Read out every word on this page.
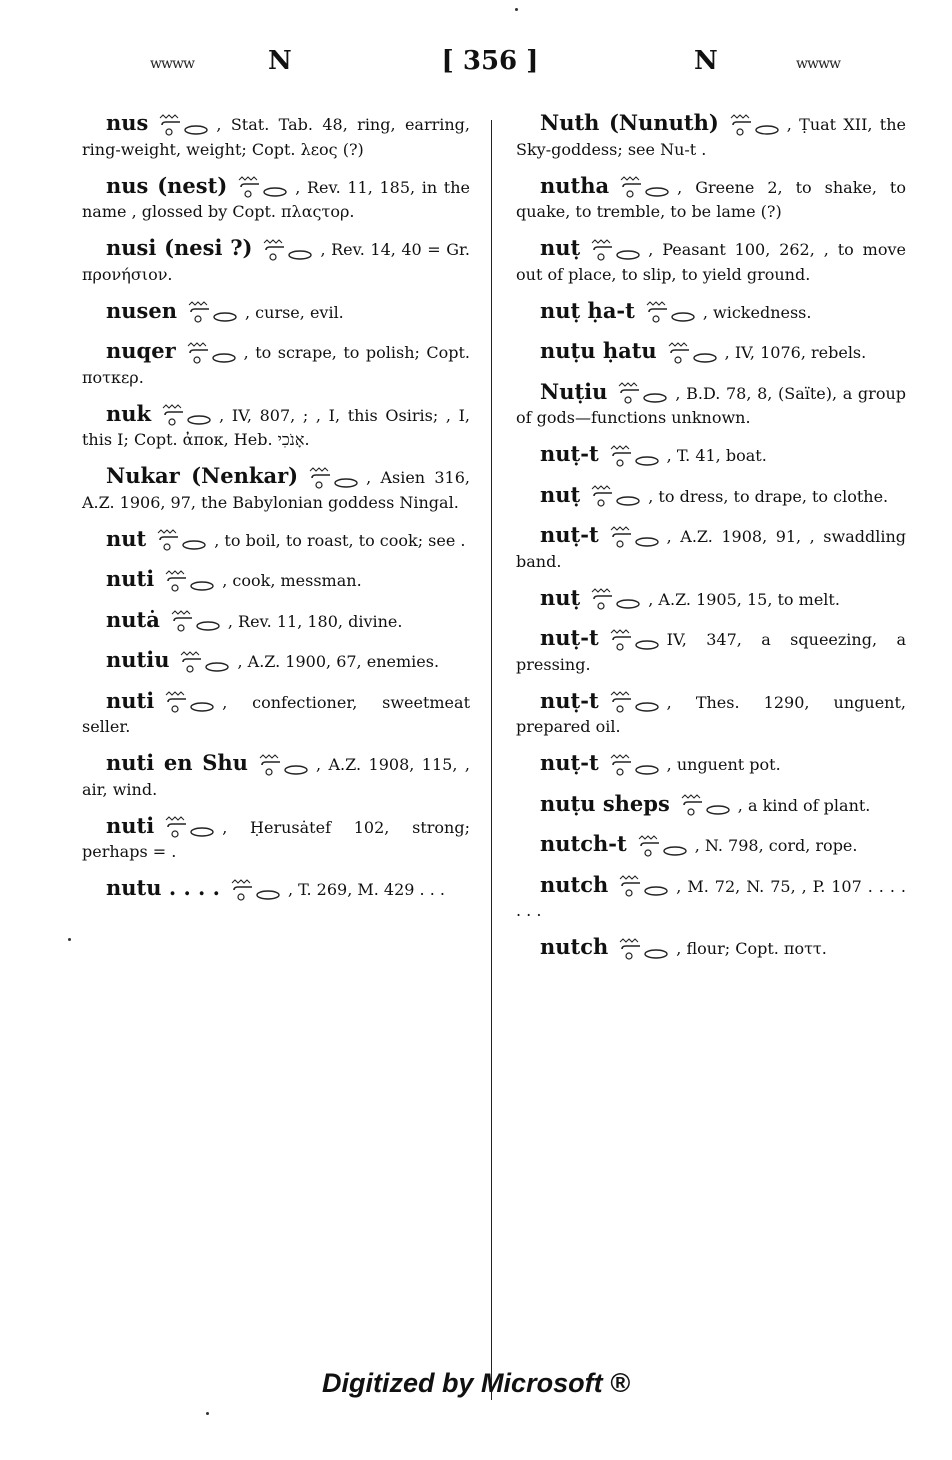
ᴡᴡᴡᴡ	N	[ 356 ]	N	ᴡᴡᴡᴡ
nus	, Stat. Tab. 48, ring, earring, ring-weight, weight; Copt. λεος (?)
nus (nest)	, Rev. 11, 185, in the name , glossed by Copt. πλαςτορ.
nusi (nesi ?)	, Rev. 14, 40 = Gr. πρoνήσιον.
nusen	, curse, evil.
nuqer	, to scrape, to polish; Copt. ποτκερ.
nuk	, IV, 807, ; , I, this Osiris; , I, this I; Copt. ἀποκ, Heb. אָנֹכִי.
Nukar (Nenkar)	, Asien 316, A.Z. 1906, 97, the Babylonian goddess Ningal.
nut	, to boil, to roast, to cook; see .
nuti	, cook, messman.
nutȧ	, Rev. 11, 180, divine.
nutiu	, A.Z. 1900, 67, enemies.
nuti	, confectioner, sweetmeat seller.
nuti en Shu	, A.Z. 1908, 115, , air, wind.
nuti	, Ḥerusȧtef 102, strong; perhaps = .
nutu . . . .	, T. 269, M. 429 . . .
Nuth (Nunuth)	, Ṭuat XII, the Sky-goddess; see Nu-t .
nutha	, Greene 2, to shake, to quake, to tremble, to be lame (?)
nuṭ	, Peasant 100, 262, , to move out of place, to slip, to yield ground.
nuṭ ḥa-t	, wickedness.
nuṭu ḥatu	, IV, 1076, rebels.
Nuṭiu	, B.D. 78, 8, (Saïte), a group of gods—functions unknown.
nuṭ-t	, T. 41, boat.
nuṭ	, to dress, to drape, to clothe.
nuṭ-t	, A.Z. 1908, 91, , swaddling band.
nuṭ	, A.Z. 1905, 15, to melt.
nuṭ-t	IV, 347, a squeezing, a pressing.
nuṭ-t	, Thes. 1290, unguent, prepared oil.
nuṭ-t	, unguent pot.
nuṭu sheps	, a kind of plant.
nutch-t	, N. 798, cord, rope.
nutch	, M. 72, N. 75, , P. 107 . . . . . . .
nutch	, flour; Copt. ποττ.
Digitized by Microsoft ®
